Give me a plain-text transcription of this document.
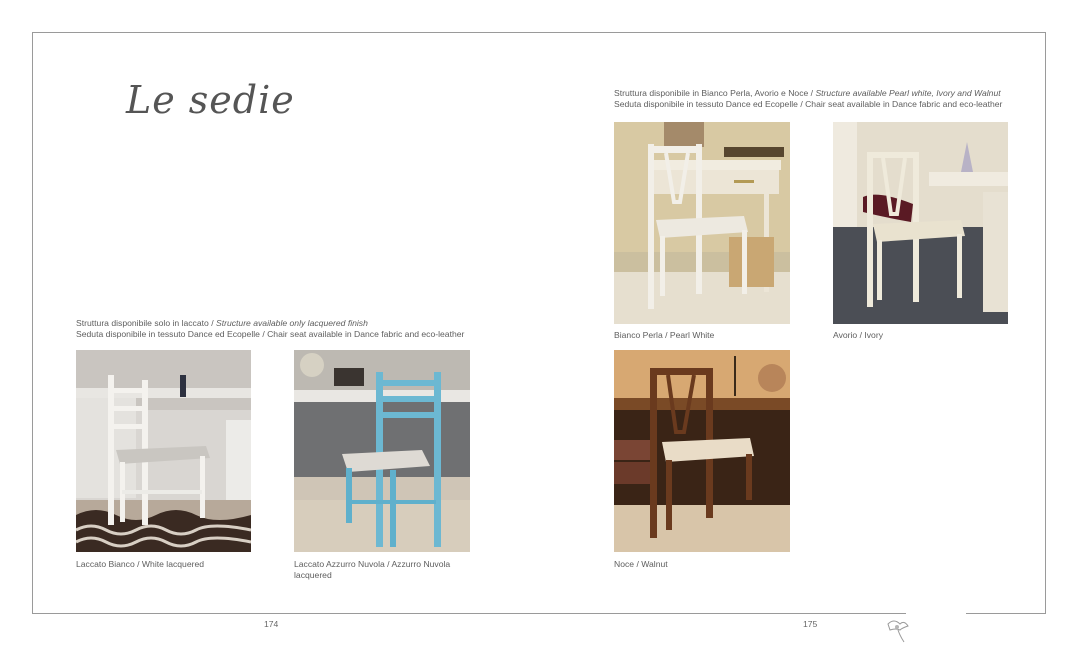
Le sedie
Struttura disponibile solo in laccato / Structure available only lacquered finish
Seduta disponibile in tessuto Dance ed Ecopelle / Chair seat available in Dance fabric and eco-leather
Struttura disponibile in Bianco Perla, Avorio e Noce / Structure available Pearl white, Ivory and Walnut
Seduta disponibile in tessuto Dance ed Ecopelle / Chair seat available in Dance fabric and eco-leather
Laccato Bianco / White lacquered	Laccato Azzurro Nuvola / Azzurro Nuvola lacquered
Bianco Perla / Pearl White	Avorio / Ivory
Noce / Walnut
174	175
